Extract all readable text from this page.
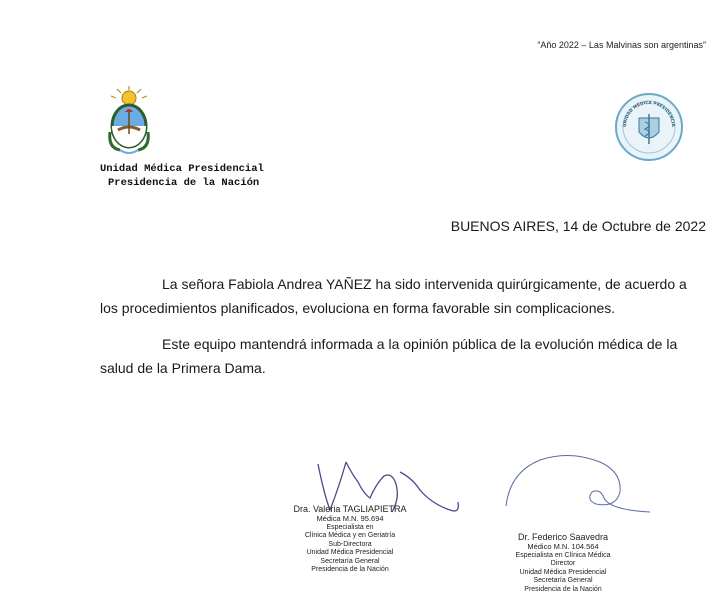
“Año 2022 – Las Malvinas son argentinas”
UNIDAD MÉDICA PRESIDENCIA
Unidad Médica Presidencial
Presidencia de la Nación
BUENOS AIRES, 14 de Octubre de 2022
La señora Fabiola Andrea YAÑEZ ha sido intervenida quirúrgicamente, de acuerdo a los procedimientos planificados, evoluciona en forma favorable sin complicaciones.
Este equipo mantendrá informada a la opinión pública de la evolución médica de la salud de la Primera Dama.
Dra. Valeria TAGLIAPIETRA
Médica M.N. 95.694
Especialista en
Clínica Médica y en Geriatría
Sub-Directora
Unidad Médica Presidencial
Secretaría General
Presidencia de la Nación
Dr. Federico Saavedra
Médico M.N. 104.564
Especialista en Clínica Médica
Director
Unidad Médica Presidencial
Secretaría General
Presidencia de la Nación
